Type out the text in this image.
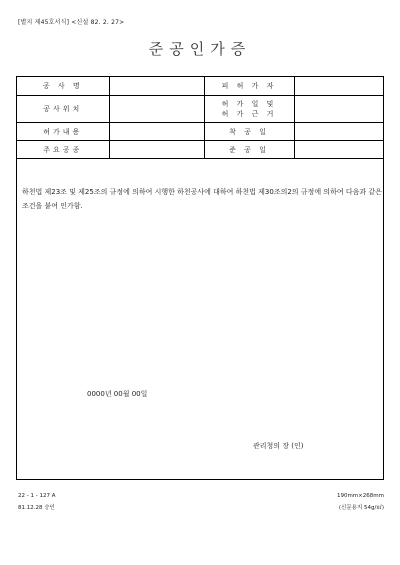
[별지 제45호서식] <신설 82. 2. 27>
준공인가증
공 사 명		피 허 가 자	
공사위치		허 가 일 및
허 가 근 거	

허가내용		착 공 일	
주요공종		준 공 일	
하천법 제23조 및 제25조의 규정에 의하여 시행한 하천공사에 대하여 하천법 제30조의2의 규정에 의하여 다음과 같은 조건을 붙여 인가함.
0000년 00월 00일
관리청의 장 (인)
22 - 1 - 127 A
81.12.28 승인
190mm×268mm
(신문용지 54g/㎡)
